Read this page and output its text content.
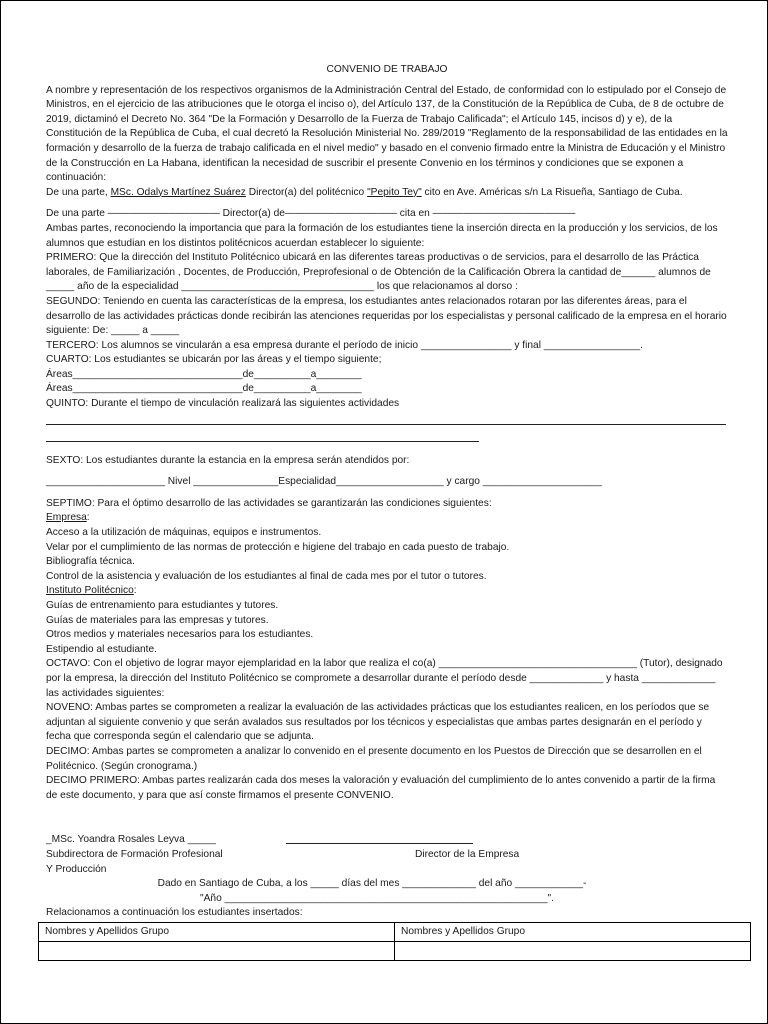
CONVENIO DE TRABAJO

A nombre y representación de los respectivos organismos de la Administración Central del Estado, de conformidad con lo estipulado por el Consejo de Ministros, en el ejercicio de las atribuciones que le otorga el inciso o), del Artículo 137, de la Constitución de la República de Cuba, de 8 de octubre de 2019, dictaminó el Decreto No. 364 "De la Formación y Desarrollo de la Fuerza de Trabajo Calificada"; el Artículo 145, incisos d) y e), de la Constitución de la República de Cuba, el cual decretó la Resolución Ministerial No. 289/2019 "Reglamento de la responsabilidad de las entidades en la formación y desarrollo de la fuerza de trabajo calificada en el nivel medio" y basado en el convenio firmado entre la Ministra de Educación y el Ministro de la Construcción en La Habana, identifican la necesidad de suscribir el presente Convenio en los términos y condiciones que se exponen a continuación:

De una parte, MSc. Odalys Martínez Suárez Director(a) del politécnico "Pepito Tey" cito en Ave. Américas s/n La Risueña, Santiago de Cuba.

De una parte ——————————— Director(a) de——————————— cita en ——————————————

Ambas partes, reconociendo la importancia que para la formación de los estudiantes tiene la inserción directa en la producción y los servicios, de los alumnos que estudian en los distintos politécnicos acuerdan establecer lo siguiente:

PRIMERO: Que la dirección del Instituto Politécnico ubicará en las diferentes tareas productivas o de servicios, para el desarrollo de las Práctica laborales, de Familiarización , Docentes, de Producción, Preprofesional o de Obtención de la Calificación Obrera la cantidad de______ alumnos de _____ año de la especialidad __________________________________ los que relacionamos al dorso :

SEGUNDO: Teniendo en cuenta las características de la empresa, los estudiantes antes relacionados rotaran por las diferentes áreas, para el desarrollo de las actividades prácticas donde recibirán las atenciones requeridas por los especialistas y personal calificado de la empresa en el horario siguiente: De: _____ a _____

TERCERO: Los alumnos se vincularán a esa empresa durante el período de inicio ________________ y final _________________.

CUARTO: Los estudiantes se ubicarán por las áreas y el tiempo siguiente;

Áreas______________________________de__________a________

Áreas______________________________de__________a________

QUINTO: Durante el tiempo de vinculación realizará las siguientes actividades

SEXTO: Los estudiantes durante la estancia en la empresa serán atendidos por:

_____________________ Nivel _______________Especialidad___________________ y cargo _____________________

SEPTIMO: Para el óptimo desarrollo de las actividades se garantizarán las condiciones siguientes:

Empresa

:

Acceso a la utilización de máquinas, equipos e instrumentos.

Velar por el cumplimiento de las normas de protección e higiene del trabajo en cada puesto de trabajo.

Bibliografía técnica.

Control de la asistencia y evaluación de los estudiantes al final de cada mes por el tutor o tutores.

Instituto Politécnico

:

Guías de entrenamiento para estudiantes y tutores.

Guías de materiales para las empresas y tutores.

Otros medios y materiales necesarios para los estudiantes.

Estipendio al estudiante.

OCTAVO: Con el objetivo de lograr mayor ejemplaridad en la labor que realiza el co(a) ___________________________________ (Tutor), designado por la empresa, la dirección del Instituto Politécnico se compromete a desarrollar durante el período desde _____________ y hasta _____________ las actividades siguientes:

NOVENO: Ambas partes se comprometen a realizar la evaluación de las actividades prácticas que los estudiantes realicen, en los períodos que se adjuntan al siguiente convenio y que serán avalados sus resultados por los técnicos y especialistas que ambas partes designarán en el período y fecha que corresponda según el calendario que se adjunta.

DECIMO: Ambas partes se comprometen a analizar lo convenido en el presente documento en los Puestos de Dirección que se desarrollen en el Politécnico. (Según cronograma.)

DECIMO PRIMERO: Ambas partes realizarán cada dos meses la valoración y evaluación del cumplimiento de lo antes convenido a partir de la firma de este documento, y para que así conste firmamos el presente CONVENIO.

_MSc. Yoandra Rosales Leyva _____
Subdirectora de Formación Profesional	Director de la Empresa

Y Producción

Dado en Santiago de Cuba, a los _____ días del mes _____________ del año ____________-

"Año _________________________________________________________".

Relacionamos a continuación los estudiantes insertados:

Nombres y Apellidos Grupo	Nombres y Apellidos Grupo
